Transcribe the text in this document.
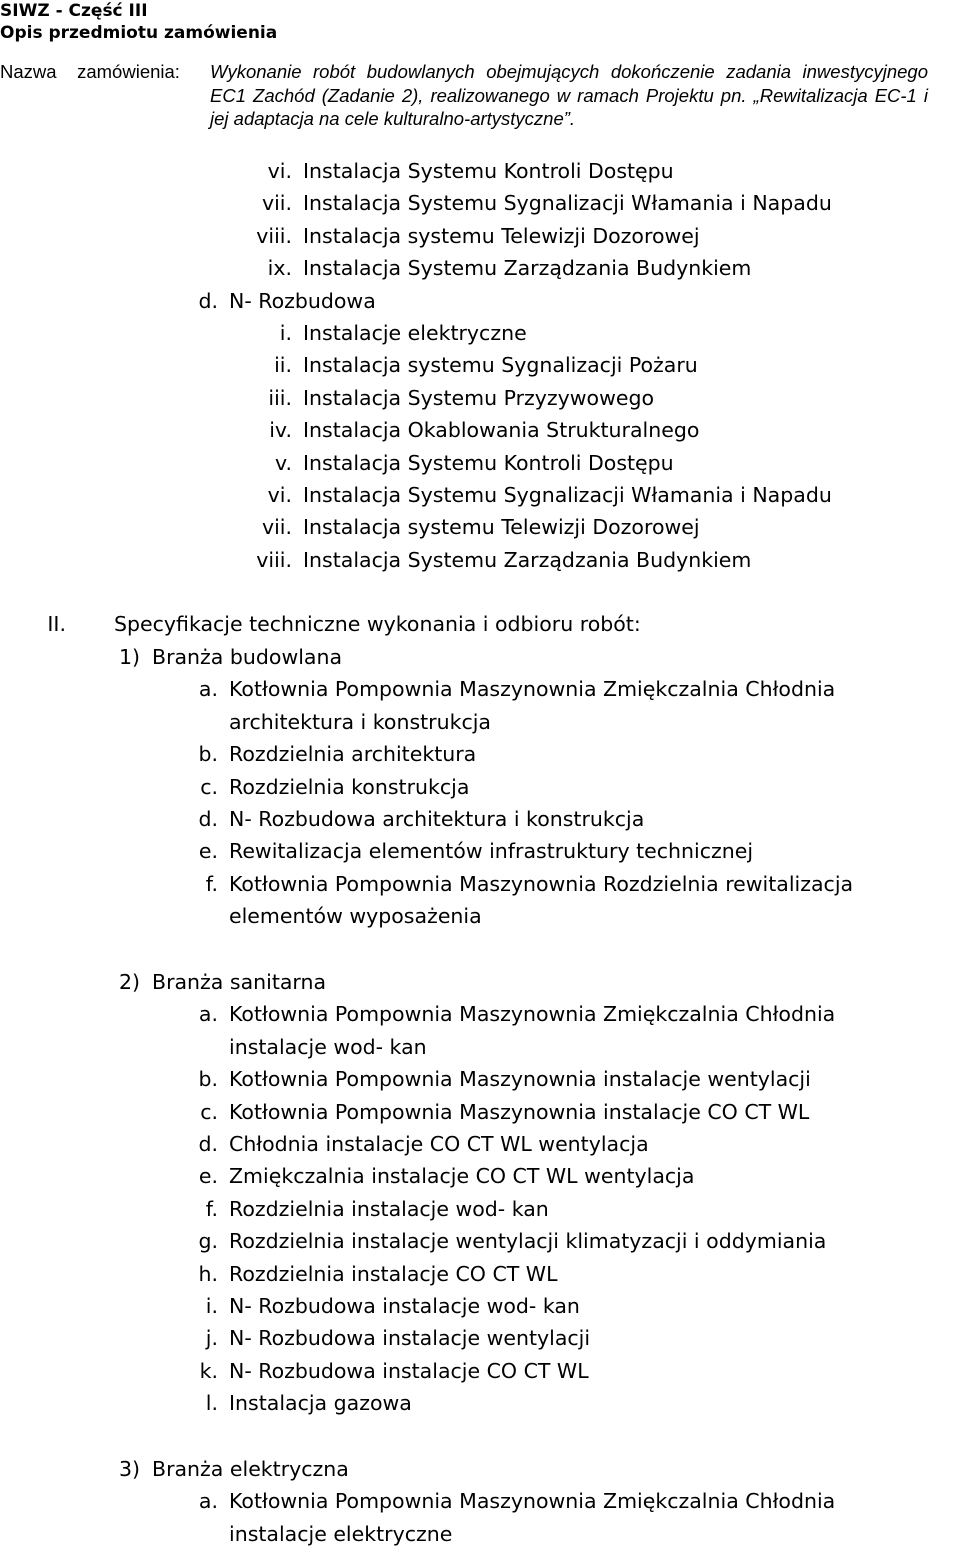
SIWZ - Część III
Opis przedmiotu zamówienia
Nazwa    zamówienia: Wykonanie robót budowlanych obejmujących dokończenie zadania inwestycyjnego EC1 Zachód (Zadanie 2), realizowanego w ramach Projektu pn. „Rewitalizacja EC-1 i jej adaptacja na cele kulturalno-artystyczne”.
vi. Instalacja Systemu Kontroli Dostępu
vii. Instalacja Systemu Sygnalizacji Włamania i Napadu
viii. Instalacja systemu Telewizji Dozorowej
ix. Instalacja Systemu Zarządzania Budynkiem
d. N- Rozbudowa
i. Instalacje elektryczne
ii. Instalacja systemu Sygnalizacji Pożaru
iii. Instalacja Systemu Przyzywowego
iv. Instalacja Okablowania Strukturalnego
v. Instalacja Systemu Kontroli Dostępu
vi. Instalacja Systemu Sygnalizacji Włamania i Napadu
vii. Instalacja systemu Telewizji Dozorowej
viii. Instalacja Systemu Zarządzania Budynkiem
II. Specyfikacje techniczne wykonania i odbioru robót:
1) Branża budowlana
a. Kotłownia Pompownia Maszynownia Zmiękczalnia Chłodnia
architektura i konstrukcja
b. Rozdzielnia architektura
c. Rozdzielnia konstrukcja
d. N- Rozbudowa architektura i konstrukcja
e. Rewitalizacja elementów infrastruktury technicznej
f. Kotłownia Pompownia Maszynownia Rozdzielnia rewitalizacja
elementów wyposażenia
2) Branża sanitarna
a. Kotłownia Pompownia Maszynownia Zmiękczalnia Chłodnia
instalacje wod- kan
b. Kotłownia Pompownia Maszynownia instalacje wentylacji
c. Kotłownia Pompownia Maszynownia instalacje CO CT WL
d. Chłodnia instalacje CO CT WL wentylacja
e. Zmiękczalnia instalacje CO CT WL wentylacja
f. Rozdzielnia instalacje wod- kan
g. Rozdzielnia instalacje wentylacji klimatyzacji i oddymiania
h. Rozdzielnia instalacje CO CT WL
i. N- Rozbudowa instalacje wod- kan
j. N- Rozbudowa instalacje wentylacji
k. N- Rozbudowa instalacje CO CT WL
l. Instalacja gazowa
3) Branża elektryczna
a. Kotłownia Pompownia Maszynownia Zmiękczalnia Chłodnia
instalacje elektryczne
